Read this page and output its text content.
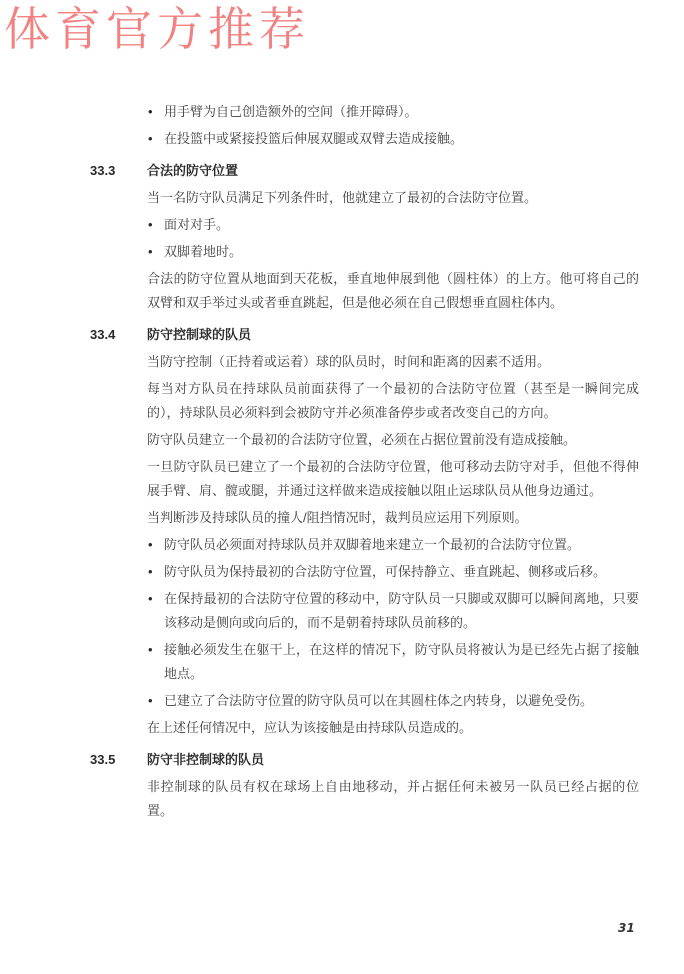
体育官方推荐
• 用手臂为自己创造额外的空间（推开障碍）。
• 在投篮中或紧接投篮后伸展双腿或双臂去造成接触。
33.3 合法的防守位置

当一名防守队员满足下列条件时，他就建立了最初的合法防守位置。

• 面对对手。
• 双脚着地时。

合法的防守位置从地面到天花板，垂直地伸展到他（圆柱体）的上方。他可将自己的双臂和双手举过头或者垂直跳起，但是他必须在自己假想垂直圆柱体内。

33.4 防守控制球的队员

当防守控制（正持着或运着）球的队员时，时间和距离的因素不适用。

每当对方队员在持球队员前面获得了一个最初的合法防守位置（甚至是一瞬间完成的），持球队员必须料到会被防守并必须准备停步或者改变自己的方向。

防守队员建立一个最初的合法防守位置，必须在占据位置前没有造成接触。

一旦防守队员已建立了一个最初的合法防守位置，他可移动去防守对手，但他不得伸展手臂、肩、髋或腿，并通过这样做来造成接触以阻止运球队员从他身边通过。

当判断涉及持球队员的撞人/阻挡情况时，裁判员应运用下列原则。

• 防守队员必须面对持球队员并双脚着地来建立一个最初的合法防守位置。
• 防守队员为保持最初的合法防守位置，可保持静立、垂直跳起、侧移或后移。
• 在保持最初的合法防守位置的移动中，防守队员一只脚或双脚可以瞬间离地，只要该移动是侧向或向后的，而不是朝着持球队员前移的。
• 接触必须发生在躯干上，在这样的情况下，防守队员将被认为是已经先占据了接触地点。
• 已建立了合法防守位置的防守队员可以在其圆柱体之内转身，以避免受伤。

在上述任何情况中，应认为该接触是由持球队员造成的。

33.5 防守非控制球的队员

非控制球的队员有权在球场上自由地移动，并占据任何未被另一队员已经占据的位置。

31
